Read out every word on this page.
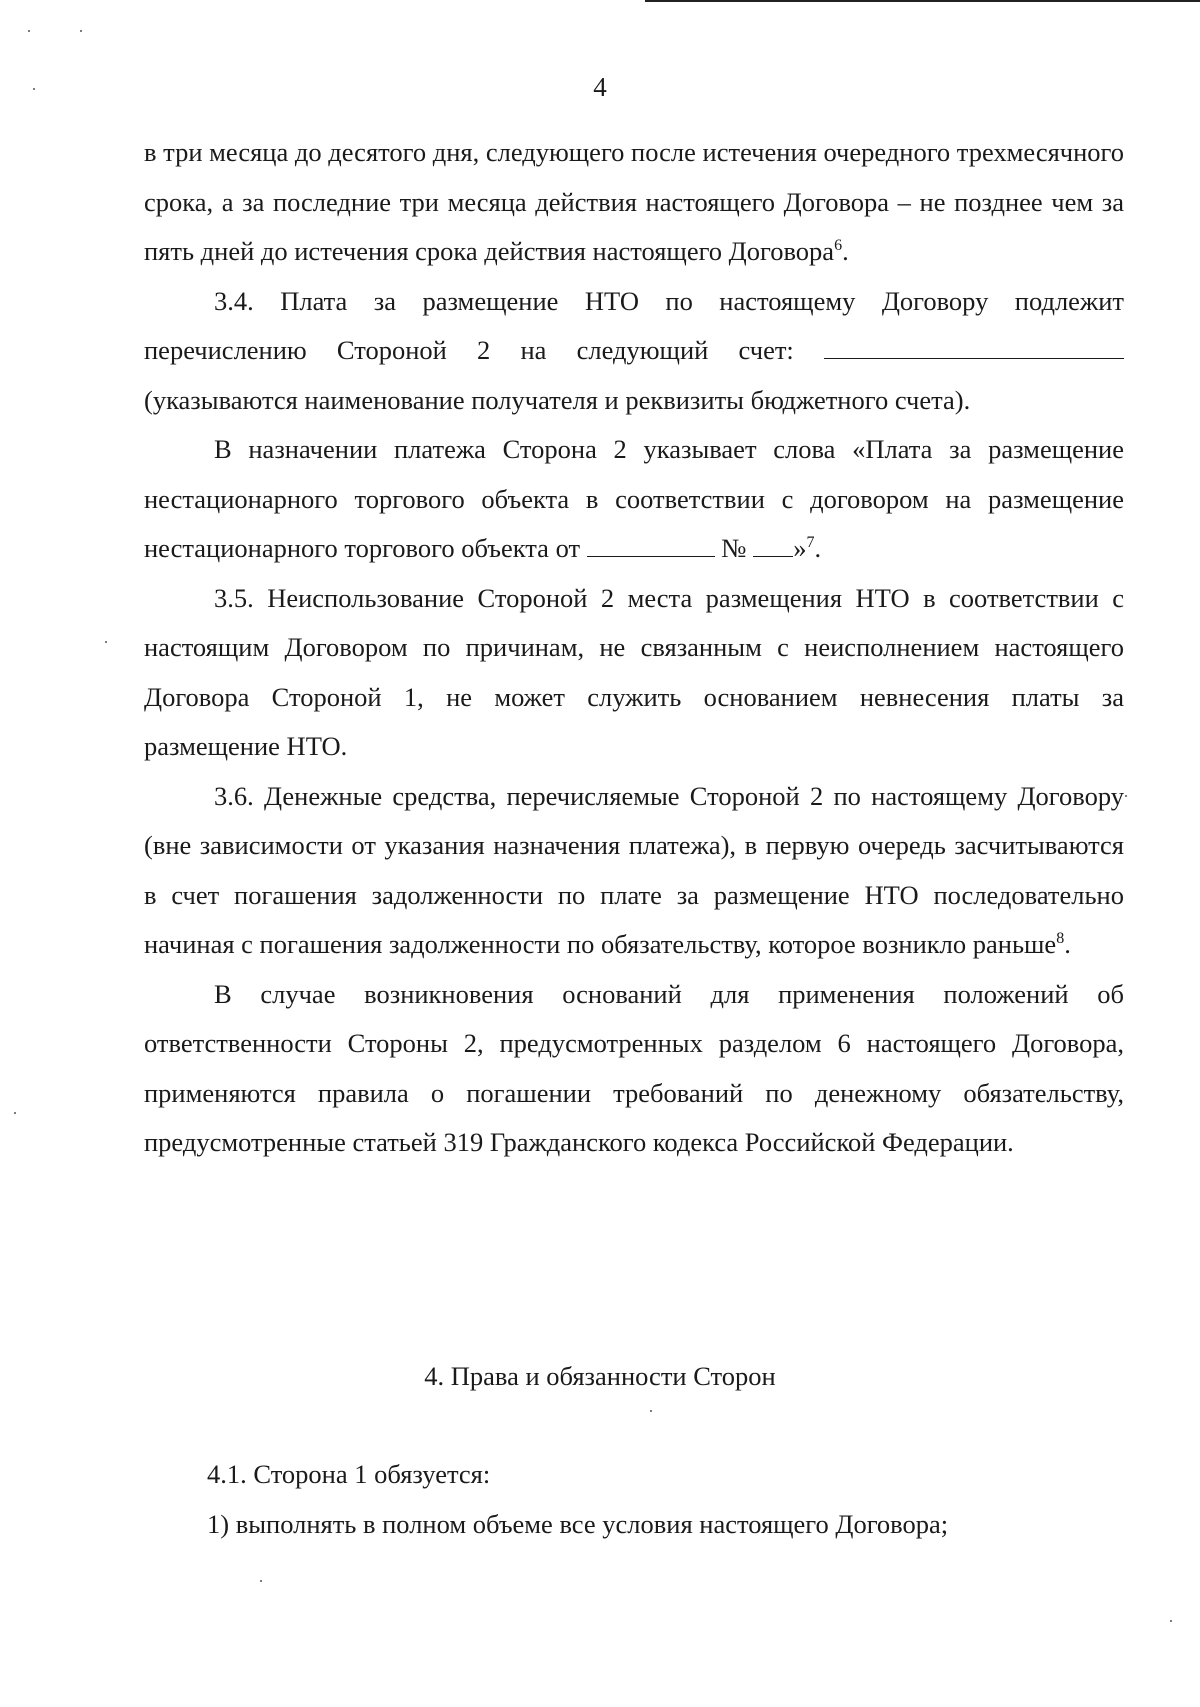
4

в три месяца до десятого дня, следующего после истечения очередного трехмесячного срока, а за последние три месяца действия настоящего Договора – не позднее чем за пять дней до истечения срока действия настоящего Договора$^6$.

3.4. Плата за размещение НТО по настоящему Договору подлежит перечислению Стороной 2 на следующий счет:  (указываются наименование получателя и реквизиты бюджетного счета).

В назначении платежа Сторона 2 указывает слова «Плата за размещение нестационарного торгового объекта в соответствии с договором на размещение нестационарного торгового объекта от	№ »$^7$.

3.5. Неиспользование Стороной 2 места размещения НТО в соответствии с настоящим Договором по причинам, не связанным с неисполнением настоящего Договора Стороной 1, не может служить основанием невнесения платы за размещение НТО.

3.6. Денежные средства, перечисляемые Стороной 2 по настоящему Договору (вне зависимости от указания назначения платежа), в первую очередь засчитываются в счет погашения задолженности по плате за размещение НТО последовательно начиная с погашения задолженности по обязательству, которое возникло раньше$^8$.

В случае возникновения оснований для применения положений об ответственности Стороны 2, предусмотренных разделом 6 настоящего Договора, применяются правила о погашении требований по денежному обязательству, предусмотренные статьей 319 Гражданского кодекса Российской Федерации.

4. Права и обязанности Сторон

4.1. Сторона 1 обязуется:

1) выполнять в полном объеме все условия настоящего Договора;
